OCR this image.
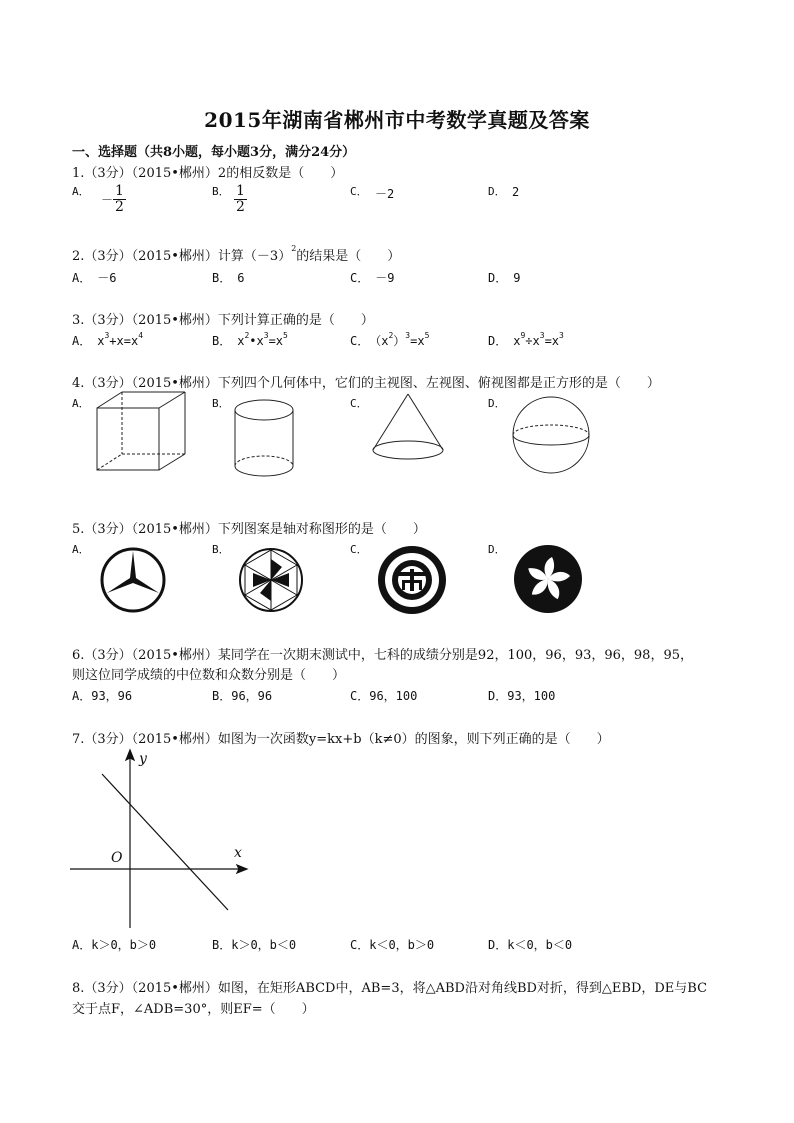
2015年湖南省郴州市中考数学真题及答案
一、选择题（共8小题，每小题3分，满分24分）
1.（3分）（2015•郴州）2的相反数是（　　）
A．
－ $\frac{1}{2}$	B． $\frac{1}{2}$	C． －2	D． 2
2.（3分）（2015•郴州）计算$(-3)^2$的结果是（　　）
A．　－6	B．　6	C．　－9	D．　9
3.（3分）（2015•郴州）下列计算正确的是（　　）
A．　$x^3+x=x^4$	B．　$x^2•x^3=x^5$	C．　$(x^2)^3=x^5$	D．　$x^9\div x^3=x^3$
4.（3分）（2015•郴州）下列四个几何体中，它们的主视图、左视图、俯视图都是正方形的是（　　）
A．	B．	C．	D．
5.（3分）（2015•郴州）下列图案是轴对称图形的是（　　）
A．	B．	C．	D．
6.（3分）（2015•郴州）某同学在一次期末测试中，七科的成绩分别是92，100，96，93，96，98，95，
则这位同学成绩的中位数和众数分别是（　　）
A．93，96	B．96，96	C．96，100	D．93，100
7.（3分）（2015•郴州）如图为一次函数y=kx+b（k≠0）的图象，则下列正确的是（　　）
y
x
O
A．k＞0，b＞0	B．k＞0，b＜0	C．k＜0，b＞0	D．k＜0，b＜0
8.（3分）（2015•郴州）如图，在矩形ABCD中，AB=3，将△ABD沿对角线BD对折，得到△EBD，DE与BC
交于点F，∠ADB=30°，则EF=（　　）
